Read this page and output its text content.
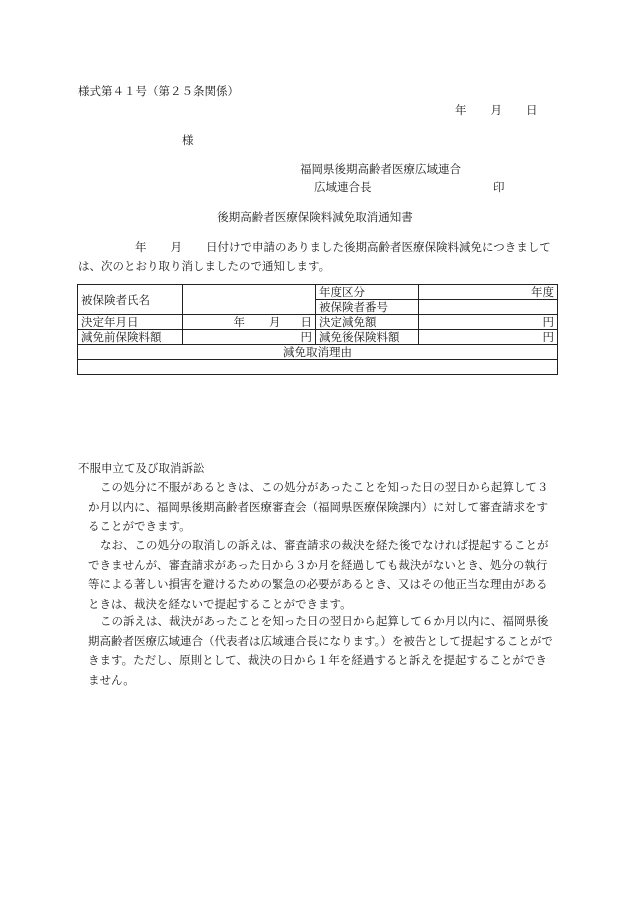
様式第４１号（第２５条関係）
年 月 日
様
福岡県後期高齢者医療広域連合
広域連合長	印
後期高齢者医療保険料減免取消通知書
年 月 日付けで申請のありました後期高齢者医療保険料減免につきましては、次のとおり取り消しましたので通知します。
被保険者氏名		年度区分	年度
		被保険者番号	
決定年月日	年 月 日	決定減免額	円
減免前保険料額	円	減免後保険料額	円
減免取消理由			

不服申立て及び取消訴訟
この処分に不服があるときは、この処分があったことを知った日の翌日から起算して３か月以内に、福岡県後期高齢者医療審査会（福岡県医療保険課内）に対して審査請求をすることができます。
なお、この処分の取消しの訴えは、審査請求の裁決を経た後でなければ提起することができませんが、審査請求があった日から３か月を経過しても裁決がないとき、処分の執行等による著しい損害を避けるための緊急の必要があるとき、又はその他正当な理由があるときは、裁決を経ないで提起することができます。
この訴えは、裁決があったことを知った日の翌日から起算して６か月以内に、福岡県後期高齢者医療広域連合（代表者は広域連合長になります。）を被告として提起することができます。ただし、原則として、裁決の日から１年を経過すると訴えを提起することができません。
